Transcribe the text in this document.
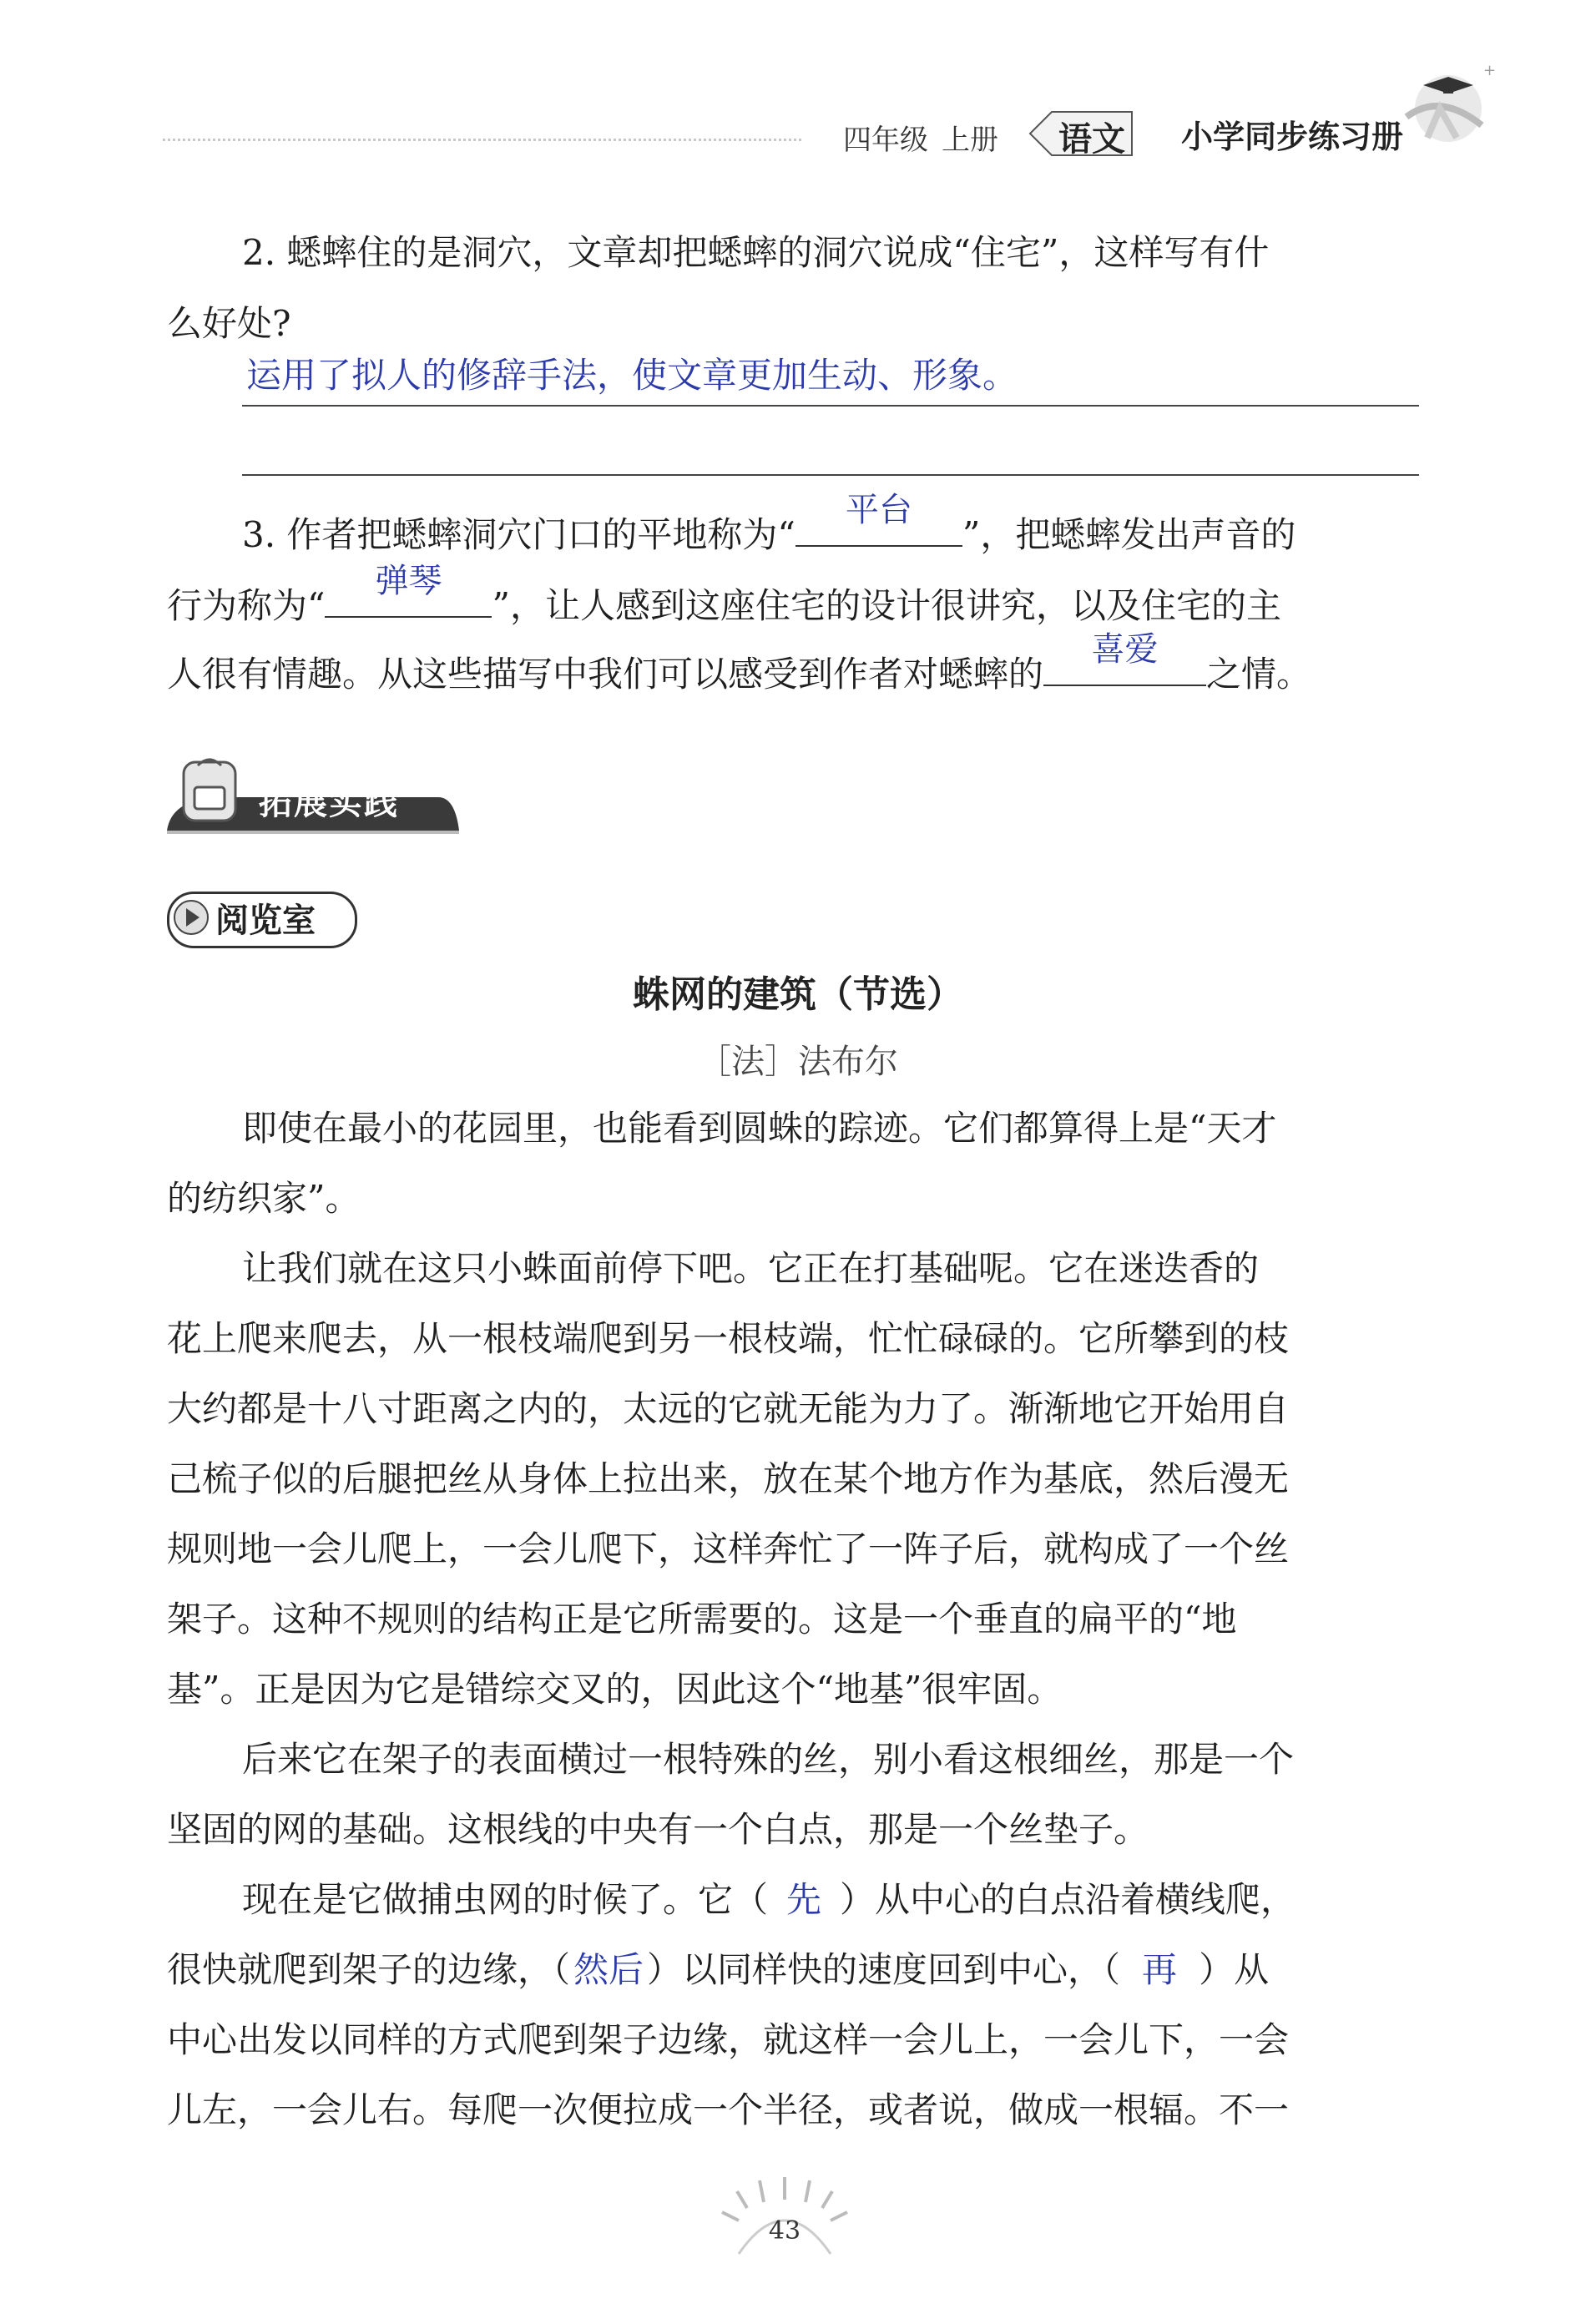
四年级 上册 语文 小学同步练习册
+
2. 蟋蟀住的是洞穴，文章却把蟋蟀的洞穴说成“住宅”，这样写有什
么好处?
运用了拟人的修辞手法，使文章更加生动、形象。
3. 作者把蟋蟀洞穴门口的平地称为“
平台
”，把蟋蟀发出声音的
行为称为“
弹琴
”，让人感到这座住宅的设计很讲究，以及住宅的主
人很有情趣。从这些描写中我们可以感受到作者对蟋蟀的
喜爱
之情。
拓展实践
阅览室
蛛网的建筑（节选）
［法］法布尔
即使在最小的花园里，也能看到圆蛛的踪迹。它们都算得上是“天才
的纺织家”。
让我们就在这只小蛛面前停下吧。它正在打基础呢。它在迷迭香的
花上爬来爬去，从一根枝端爬到另一根枝端，忙忙碌碌的。它所攀到的枝
大约都是十八寸距离之内的，太远的它就无能为力了。渐渐地它开始用自
己梳子似的后腿把丝从身体上拉出来，放在某个地方作为基底，然后漫无
规则地一会儿爬上，一会儿爬下，这样奔忙了一阵子后，就构成了一个丝
架子。这种不规则的结构正是它所需要的。这是一个垂直的扁平的“地
基”。正是因为它是错综交叉的，因此这个“地基”很牢固。
后来它在架子的表面横过一根特殊的丝，别小看这根细丝，那是一个
坚固的网的基础。这根线的中央有一个白点，那是一个丝垫子。
现在是它做捕虫网的时候了。它（ 先 ）从中心的白点沿着横线爬，
很快就爬到架子的边缘，（然后）以同样快的速度回到中心，（ 再 ）从
中心出发以同样的方式爬到架子边缘，就这样一会儿上，一会儿下，一会
儿左，一会儿右。每爬一次便拉成一个半径，或者说，做成一根辐。不一
43
